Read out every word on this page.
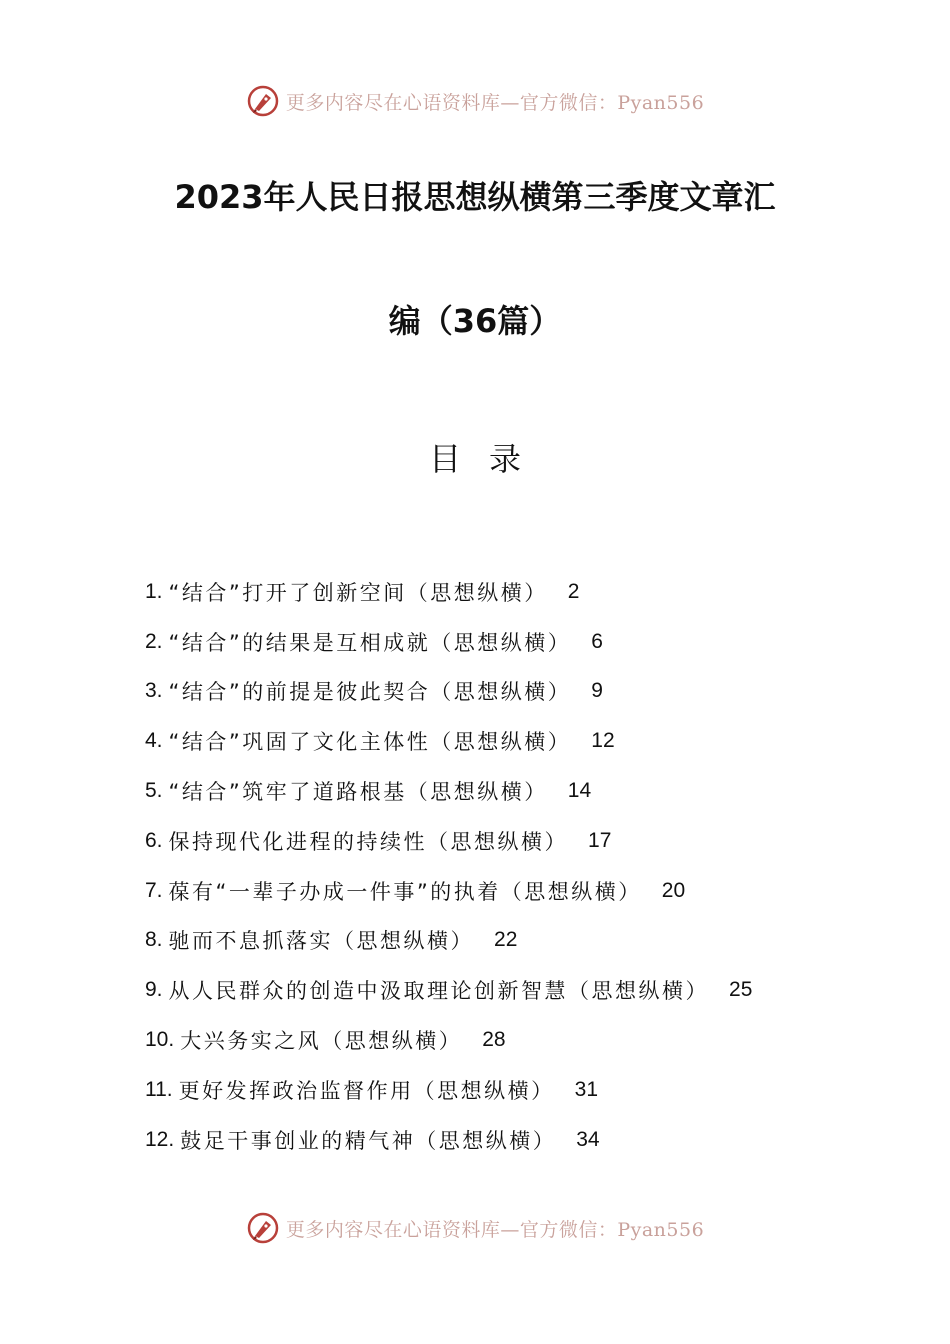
更多内容尽在心语资料库—官方微信：Pyan556
2023年人民日报思想纵横第三季度文章汇
编（36篇）
目录
1. “结合”打开了创新空间（思想纵横） 2
2. “结合”的结果是互相成就（思想纵横） 6
3. “结合”的前提是彼此契合（思想纵横） 9
4. “结合”巩固了文化主体性（思想纵横） 12
5. “结合”筑牢了道路根基（思想纵横） 14
6. 保持现代化进程的持续性（思想纵横） 17
7. 葆有“一辈子办成一件事”的执着（思想纵横） 20
8. 驰而不息抓落实（思想纵横） 22
9. 从人民群众的创造中汲取理论创新智慧（思想纵横） 25
10. 大兴务实之风（思想纵横） 28
11. 更好发挥政治监督作用（思想纵横） 31
12. 鼓足干事创业的精气神（思想纵横） 34
更多内容尽在心语资料库—官方微信：Pyan556
